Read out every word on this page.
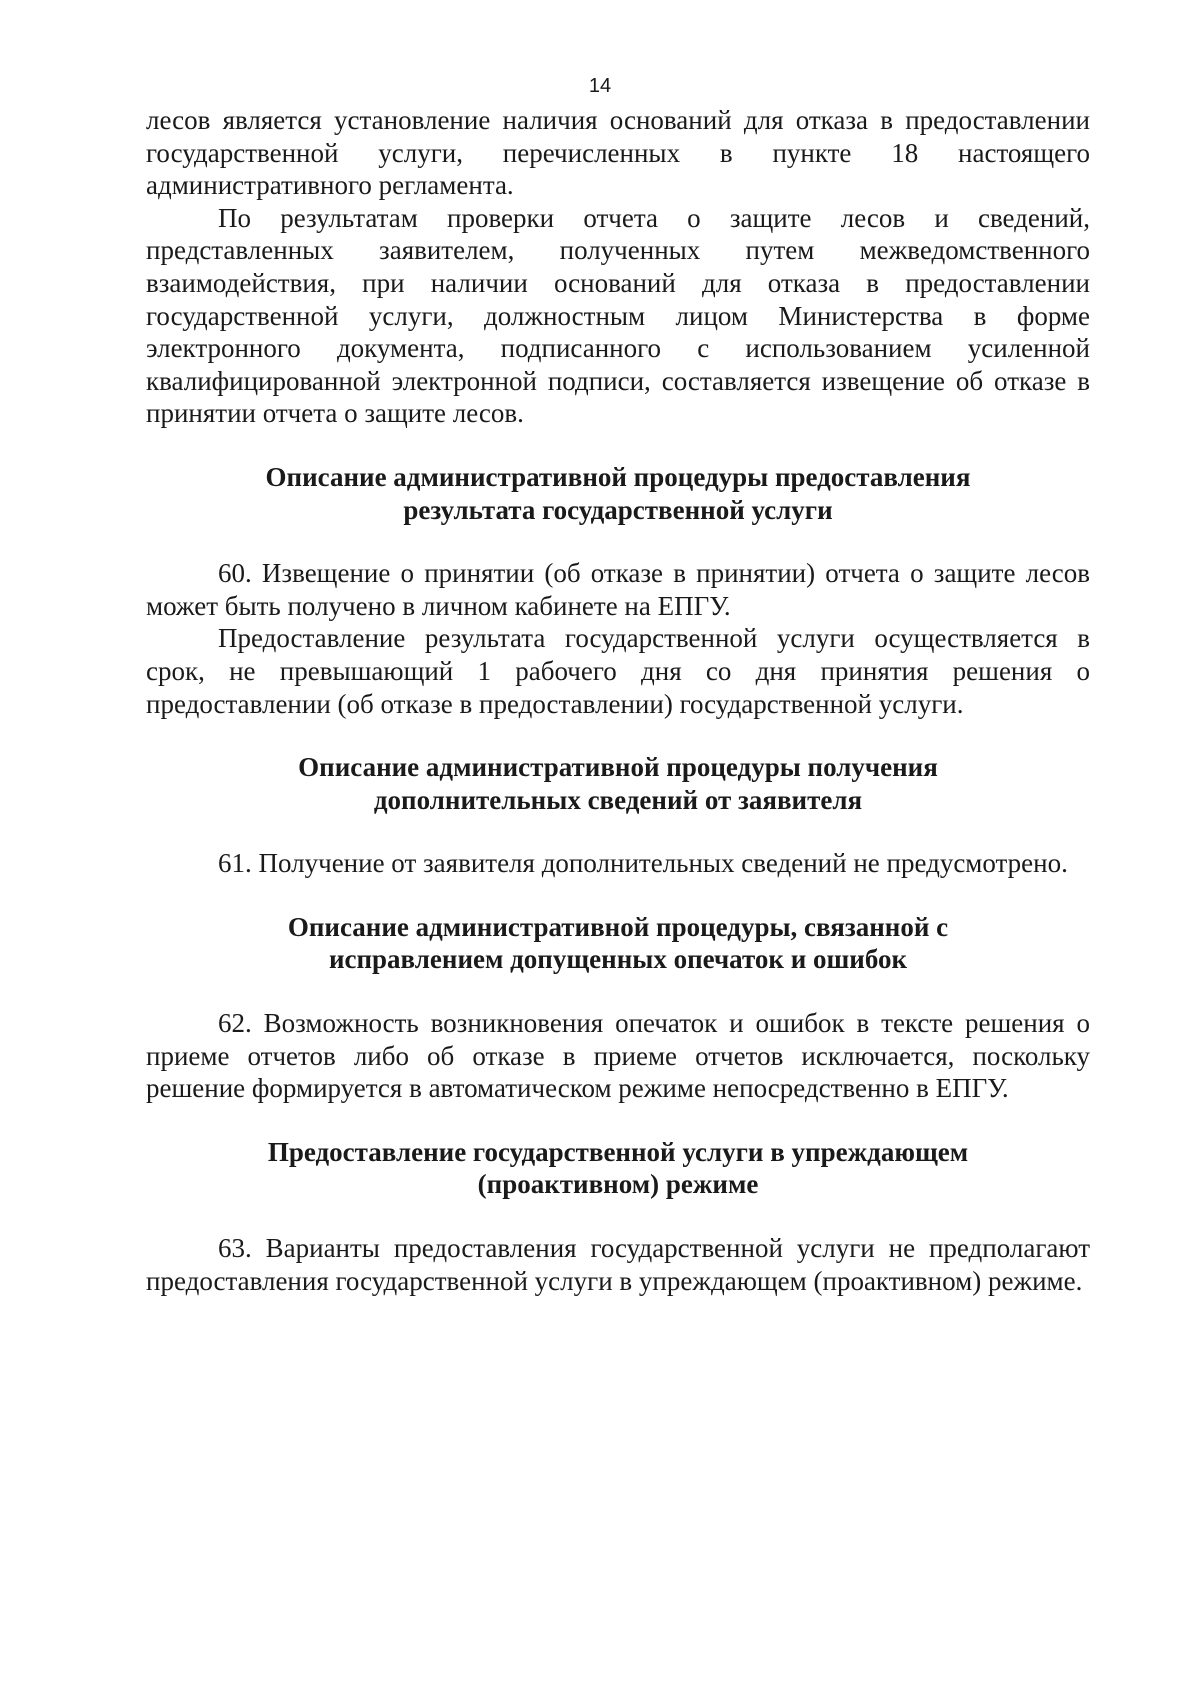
14

лесов является установление наличия оснований для отказа в предоставлении государственной услуги, перечисленных в пункте 18 настоящего административного регламента.

По результатам проверки отчета о защите лесов и сведений, представленных заявителем, полученных путем межведомственного взаимодействия, при наличии оснований для отказа в предоставлении государственной услуги, должностным лицом Министерства в форме электронного документа, подписанного с использованием усиленной квалифицированной электронной подписи, составляется извещение об отказе в принятии отчета о защите лесов.

Описание административной процедуры предоставления
результата государственной услуги

60. Извещение о принятии (об отказе в принятии) отчета о защите лесов может быть получено в личном кабинете на ЕПГУ.

Предоставление результата государственной услуги осуществляется в срок, не превышающий 1 рабочего дня со дня принятия решения о предоставлении (об отказе в предоставлении) государственной услуги.

Описание административной процедуры получения
дополнительных сведений от заявителя

61. Получение от заявителя дополнительных сведений не предусмотрено.

Описание административной процедуры, связанной с
исправлением допущенных опечаток и ошибок

62. Возможность возникновения опечаток и ошибок в тексте решения о приеме отчетов либо об отказе в приеме отчетов исключается, поскольку решение формируется в автоматическом режиме непосредственно в ЕПГУ.

Предоставление государственной услуги в упреждающем
(проактивном) режиме

63. Варианты предоставления государственной услуги не предполагают предоставления государственной услуги в упреждающем (проактивном) режиме.
